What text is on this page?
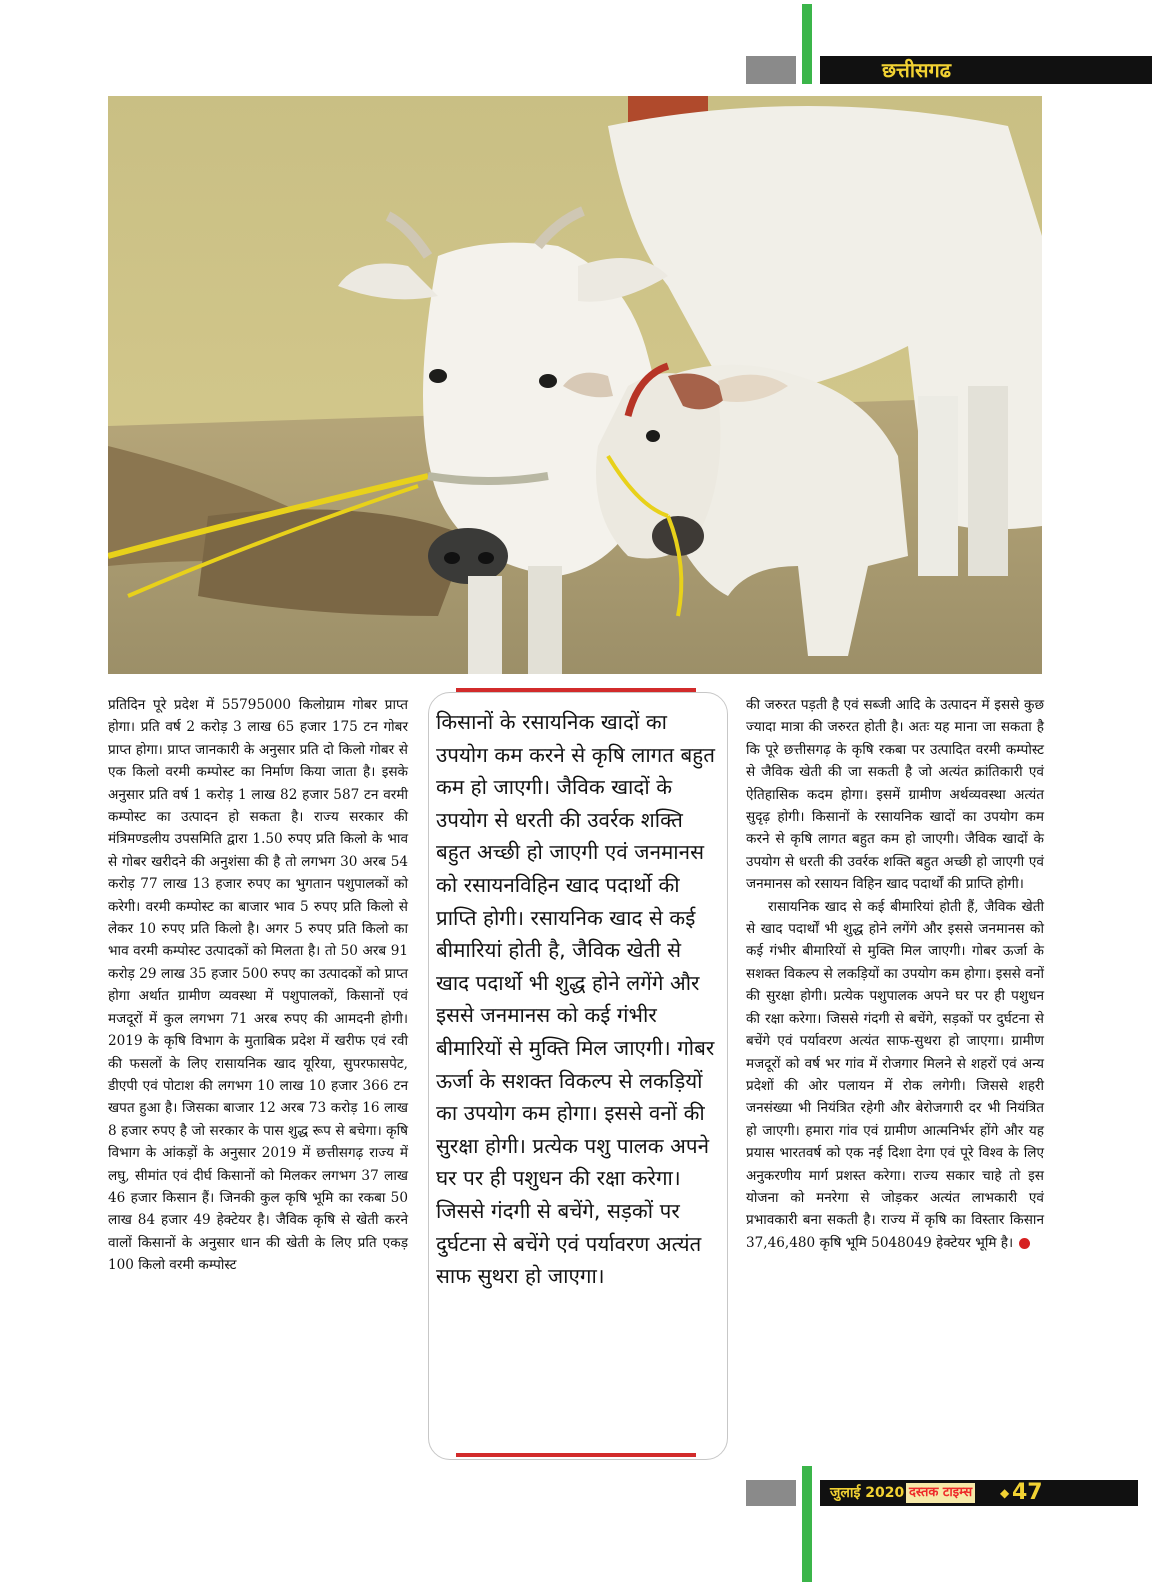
छत्तीसगढ

प्रतिदिन पूरे प्रदेश में 55795000 किलोग्राम गोबर प्राप्त होगा। प्रति वर्ष 2 करोड़ 3 लाख 65 हजार 175 टन गोबर प्राप्त होगा। प्राप्त जानकारी के अनुसार प्रति दो किलो गोबर से एक किलो वरमी कम्पोस्ट का निर्माण किया जाता है। इसके अनुसार प्रति वर्ष 1 करोड़ 1 लाख 82 हजार 587 टन वरमी कम्पोस्ट का उत्पादन हो सकता है। राज्य सरकार की मंत्रिमण्डलीय उपसमिति द्वारा 1.50 रुपए प्रति किलो के भाव से गोबर खरीदने की अनुशंसा की है तो लगभग 30 अरब 54 करोड़ 77 लाख 13 हजार रुपए का भुगतान पशुपालकों को करेगी। वरमी कम्पोस्ट का बाजार भाव 5 रुपए प्रति किलो से लेकर 10 रुपए प्रति किलो है। अगर 5 रुपए प्रति किलो का भाव वरमी कम्पोस्ट उत्पादकों को मिलता है। तो 50 अरब 91 करोड़ 29 लाख 35 हजार 500 रुपए का उत्पादकों को प्राप्त होगा अर्थात ग्रामीण व्यवस्था में पशुपालकों, किसानों एवं मजदूरों में कुल लगभग 71 अरब रुपए की आमदनी होगी। 2019 के कृषि विभाग के मुताबिक प्रदेश में खरीफ एवं रवी की फसलों के लिए रासायनिक खाद यूरिया, सुपरफासपेट, डीएपी एवं पोटाश की लगभग 10 लाख 10 हजार 366 टन खपत हुआ है। जिसका बाजार 12 अरब 73 करोड़ 16 लाख 8 हजार रुपए है जो सरकार के पास शुद्ध रूप से बचेगा। कृषि विभाग के आंकड़ों के अनुसार 2019 में छत्तीसगढ़ राज्य में लघु, सीमांत एवं दीर्घ किसानों को मिलकर लगभग 37 लाख 46 हजार किसान हैं। जिनकी कुल कृषि भूमि का रकबा 50 लाख 84 हजार 49 हेक्टेयर है। जैविक कृषि से खेती करने वालों किसानों के अनुसार धान की खेती के लिए प्रति एकड़ 100 किलो वरमी कम्पोस्ट

किसानों के रसायनिक खादों का उपयोग कम करने से कृषि लागत बहुत कम हो जाएगी। जैविक खादों के उपयोग से धरती की उवर्रक शक्ति बहुत अच्छी हो जाएगी एवं जनमानस को रसायनविहिन खाद पदार्थो की प्राप्ति होगी। रसायनिक खाद से कई बीमारियां होती है, जैविक खेती से खाद पदार्थो भी शुद्ध होने लगेंगे और इससे जनमानस को कई गंभीर बीमारियों से मुक्ति मिल जाएगी। गोबर ऊर्जा के सशक्त विकल्प से लकड़ियों का उपयोग कम होगा। इससे वनों की सुरक्षा होगी। प्रत्येक पशु पालक अपने घर पर ही पशुधन की रक्षा करेगा। जिससे गंदगी से बचेंगे, सड़कों पर दुर्घटना से बचेंगे एवं पर्यावरण अत्यंत साफ सुथरा हो जाएगा।

की जरुरत पड़ती है एवं सब्जी आदि के उत्पादन में इससे कुछ ज्यादा मात्रा की जरुरत होती है। अतः यह माना जा सकता है कि पूरे छत्तीसगढ़ के कृषि रकबा पर उत्पादित वरमी कम्पोस्ट से जैविक खेती की जा सकती है जो अत्यंत क्रांतिकारी एवं ऐतिहासिक कदम होगा। इसमें ग्रामीण अर्थव्यवस्था अत्यंत सुदृढ़ होगी। किसानों के रसायनिक खादों का उपयोग कम करने से कृषि लागत बहुत कम हो जाएगी। जैविक खादों के उपयोग से धरती की उवर्रक शक्ति बहुत अच्छी हो जाएगी एवं जनमानस को रसायन विहिन खाद पदार्थों की प्राप्ति होगी।

रासायनिक खाद से कई बीमारियां होती हैं, जैविक खेती से खाद पदार्थों भी शुद्ध होने लगेंगे और इससे जनमानस को कई गंभीर बीमारियों से मुक्ति मिल जाएगी। गोबर ऊर्जा के सशक्त विकल्प से लकड़ियों का उपयोग कम होगा। इससे वनों की सुरक्षा होगी। प्रत्येक पशुपालक अपने घर पर ही पशुधन की रक्षा करेगा। जिससे गंदगी से बचेंगे, सड़कों पर दुर्घटना से बचेंगे एवं पर्यावरण अत्यंत साफ-सुथरा हो जाएगा। ग्रामीण मजदूरों को वर्ष भर गांव में रोजगार मिलने से शहरों एवं अन्य प्रदेशों की ओर पलायन में रोक लगेगी। जिससे शहरी जनसंख्या भी नियंत्रित रहेगी और बेरोजगारी दर भी नियंत्रित हो जाएगी। हमारा गांव एवं ग्रामीण आत्मनिर्भर होंगे और यह प्रयास भारतवर्ष को एक नई दिशा देगा एवं पूरे विश्व के लिए अनुकरणीय मार्ग प्रशस्त करेगा। राज्य सकार चाहे तो इस योजना को मनरेगा से जोड़कर अत्यंत लाभकारी एवं प्रभावकारी बना सकती है। राज्य में कृषि का विस्तार किसान 37,46,480 कृषि भूमि 5048049 हेक्टेयर भूमि है।

जुलाई 2020 दस्तक टाइम्स ◆ 47
